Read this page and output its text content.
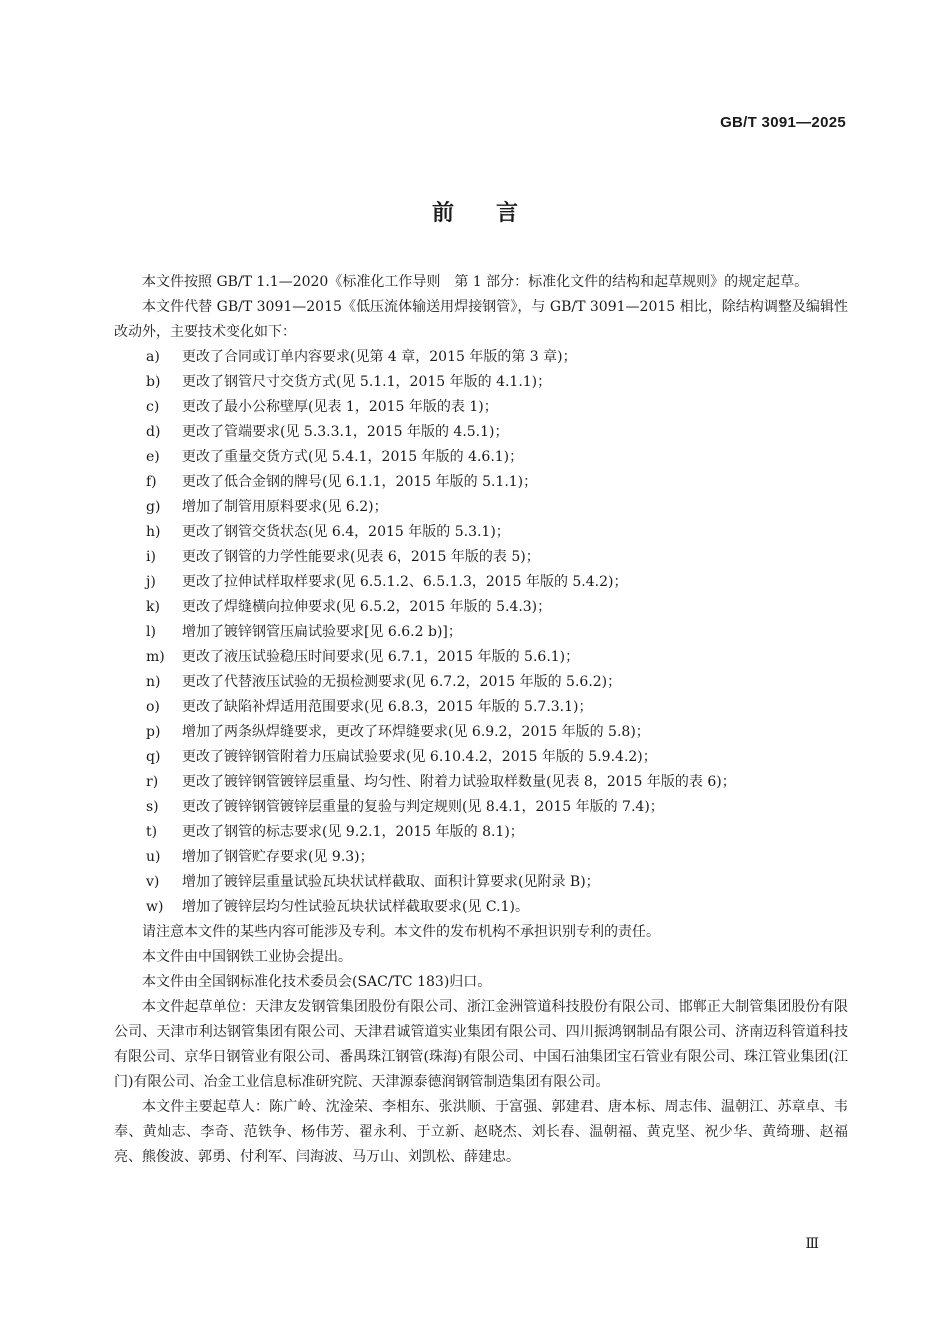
GB/T 3091—2025
前言

本文件按照 GB/T 1.1—2020《标准化工作导则　第 1 部分：标准化文件的结构和起草规则》的规定起草。

本文件代替 GB/T 3091—2015《低压流体输送用焊接钢管》，与 GB/T 3091—2015 相比，除结构调整及编辑性改动外，主要技术变化如下：

a)	更改了合同或订单内容要求(见第 4 章，2015 年版的第 3 章)；
b)	更改了钢管尺寸交货方式(见 5.1.1，2015 年版的 4.1.1)；
c)	更改了最小公称壁厚(见表 1，2015 年版的表 1)；
d)	更改了管端要求(见 5.3.3.1，2015 年版的 4.5.1)；
e)	更改了重量交货方式(见 5.4.1，2015 年版的 4.6.1)；
f)	更改了低合金钢的牌号(见 6.1.1，2015 年版的 5.1.1)；
g)	增加了制管用原料要求(见 6.2)；
h)	更改了钢管交货状态(见 6.4，2015 年版的 5.3.1)；
i)	更改了钢管的力学性能要求(见表 6，2015 年版的表 5)；
j)	更改了拉伸试样取样要求(见 6.5.1.2、6.5.1.3，2015 年版的 5.4.2)；
k)	更改了焊缝横向拉伸要求(见 6.5.2，2015 年版的 5.4.3)；
l)	增加了镀锌钢管压扁试验要求[见 6.6.2 b)]；
m)	更改了液压试验稳压时间要求(见 6.7.1，2015 年版的 5.6.1)；
n)	更改了代替液压试验的无损检测要求(见 6.7.2，2015 年版的 5.6.2)；
o)	更改了缺陷补焊适用范围要求(见 6.8.3，2015 年版的 5.7.3.1)；
p)	增加了两条纵焊缝要求，更改了环焊缝要求(见 6.9.2，2015 年版的 5.8)；
q)	更改了镀锌钢管附着力压扁试验要求(见 6.10.4.2，2015 年版的 5.9.4.2)；
r)	更改了镀锌钢管镀锌层重量、均匀性、附着力试验取样数量(见表 8，2015 年版的表 6)；
s)	更改了镀锌钢管镀锌层重量的复验与判定规则(见 8.4.1，2015 年版的 7.4)；
t)	更改了钢管的标志要求(见 9.2.1，2015 年版的 8.1)；
u)	增加了钢管贮存要求(见 9.3)；
v)	增加了镀锌层重量试验瓦块状试样截取、面积计算要求(见附录 B)；
w)	增加了镀锌层均匀性试验瓦块状试样截取要求(见 C.1)。

请注意本文件的某些内容可能涉及专利。本文件的发布机构不承担识别专利的责任。

本文件由中国钢铁工业协会提出。

本文件由全国钢标准化技术委员会(SAC/TC 183)归口。

本文件起草单位：天津友发钢管集团股份有限公司、浙江金洲管道科技股份有限公司、邯郸正大制管集团股份有限公司、天津市利达钢管集团有限公司、天津君诚管道实业集团有限公司、四川振鸿钢制品有限公司、济南迈科管道科技有限公司、京华日钢管业有限公司、番禺珠江钢管(珠海)有限公司、中国石油集团宝石管业有限公司、珠江管业集团(江门)有限公司、冶金工业信息标准研究院、天津源泰德润钢管制造集团有限公司。

本文件主要起草人：陈广岭、沈淦荣、李相东、张洪顺、于富强、郭建君、唐本标、周志伟、温朝江、苏章卓、韦奉、黄灿志、李奇、范铁争、杨伟芳、翟永利、于立新、赵晓杰、刘长春、温朝福、黄克坚、祝少华、黄绮珊、赵福亮、熊俊波、郭勇、付利军、闫海波、马万山、刘凯松、薛建忠。

Ⅲ
